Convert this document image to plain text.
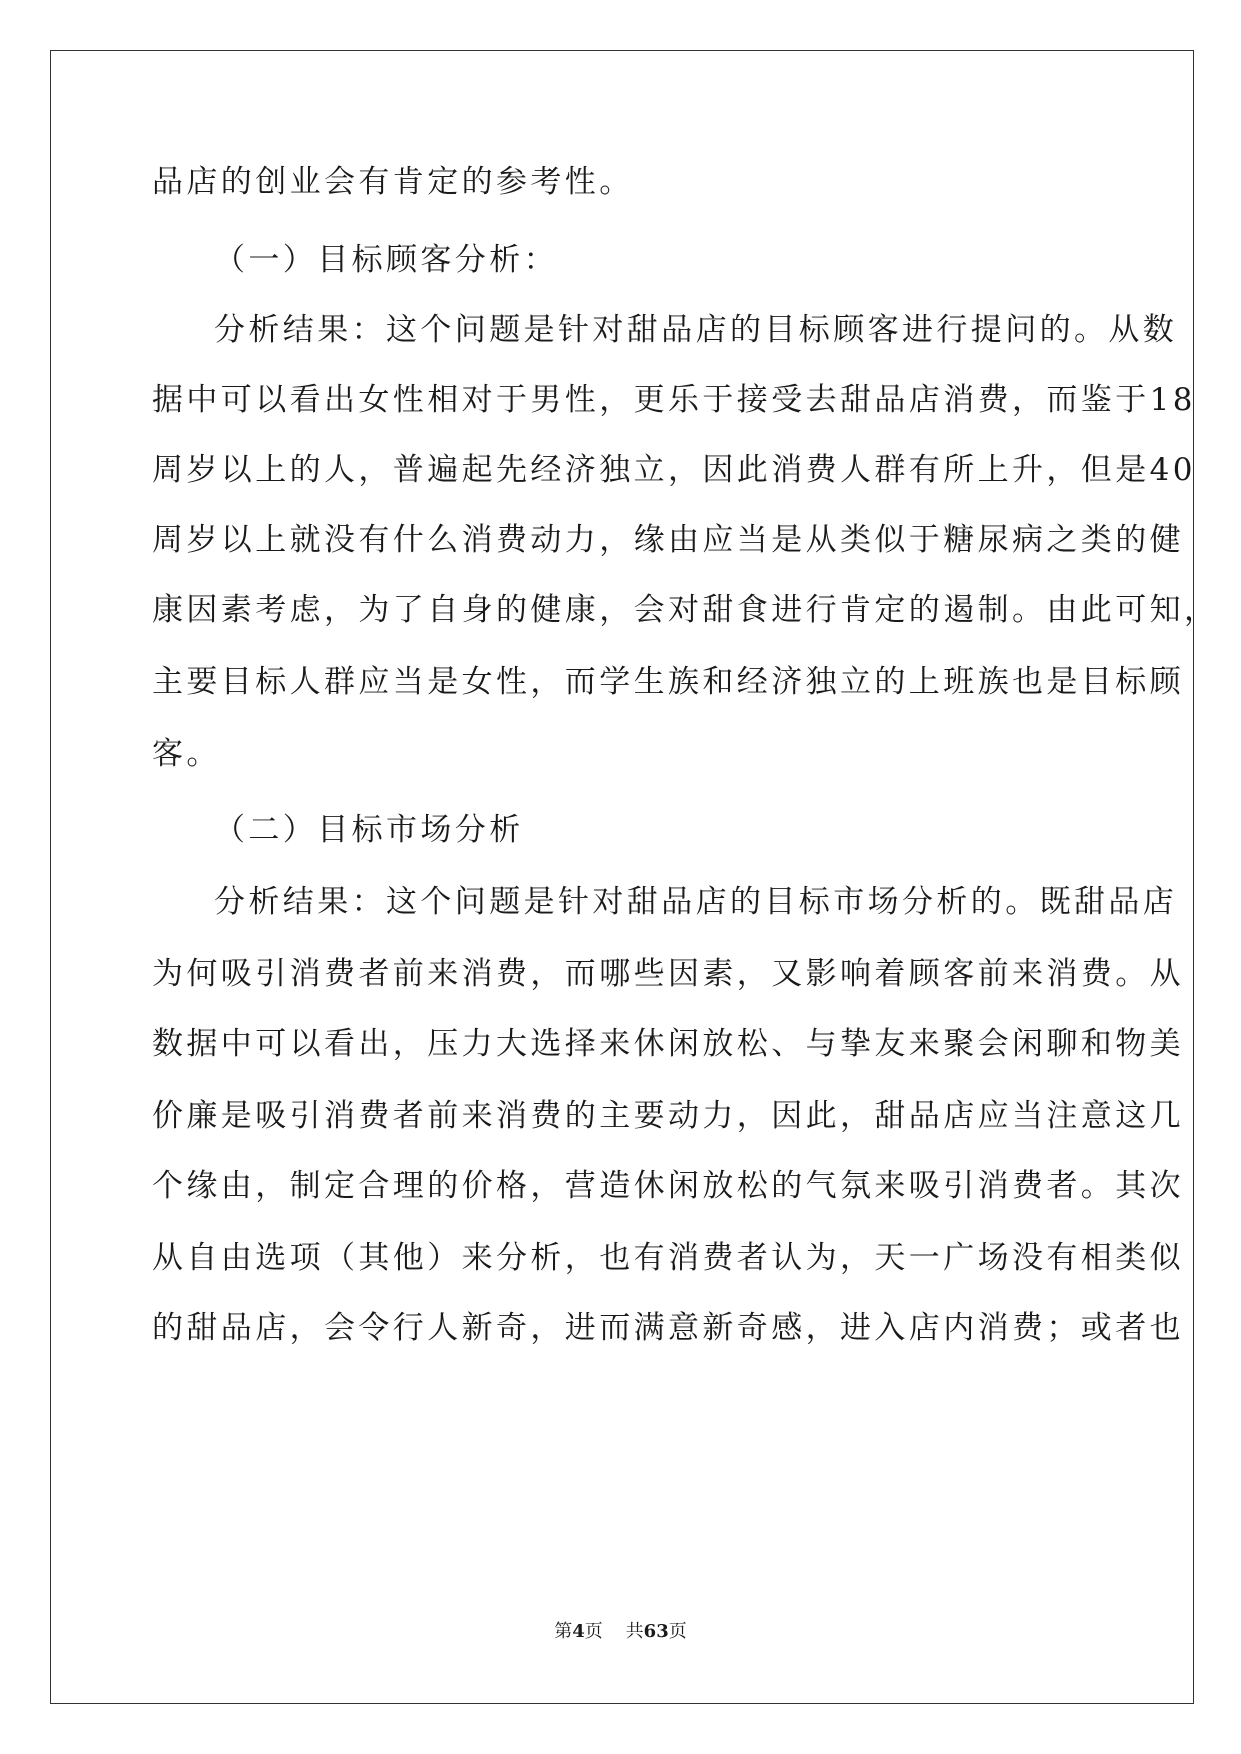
品店的创业会有肯定的参考性。
（一）目标顾客分析：
分析结果：这个问题是针对甜品店的目标顾客进行提问的。从数
据中可以看出女性相对于男性，更乐于接受去甜品店消费，而鉴于18
周岁以上的人，普遍起先经济独立，因此消费人群有所上升，但是40
周岁以上就没有什么消费动力，缘由应当是从类似于糖尿病之类的健
康因素考虑，为了自身的健康，会对甜食进行肯定的遏制。由此可知，
主要目标人群应当是女性，而学生族和经济独立的上班族也是目标顾
客。
（二）目标市场分析
分析结果：这个问题是针对甜品店的目标市场分析的。既甜品店
为何吸引消费者前来消费，而哪些因素，又影响着顾客前来消费。从
数据中可以看出，压力大选择来休闲放松、与挚友来聚会闲聊和物美
价廉是吸引消费者前来消费的主要动力，因此，甜品店应当注意这几
个缘由，制定合理的价格，营造休闲放松的气氛来吸引消费者。其次
从自由选项（其他）来分析，也有消费者认为，天一广场没有相类似
的甜品店，会令行人新奇，进而满意新奇感，进入店内消费；或者也
第4页 共63页
